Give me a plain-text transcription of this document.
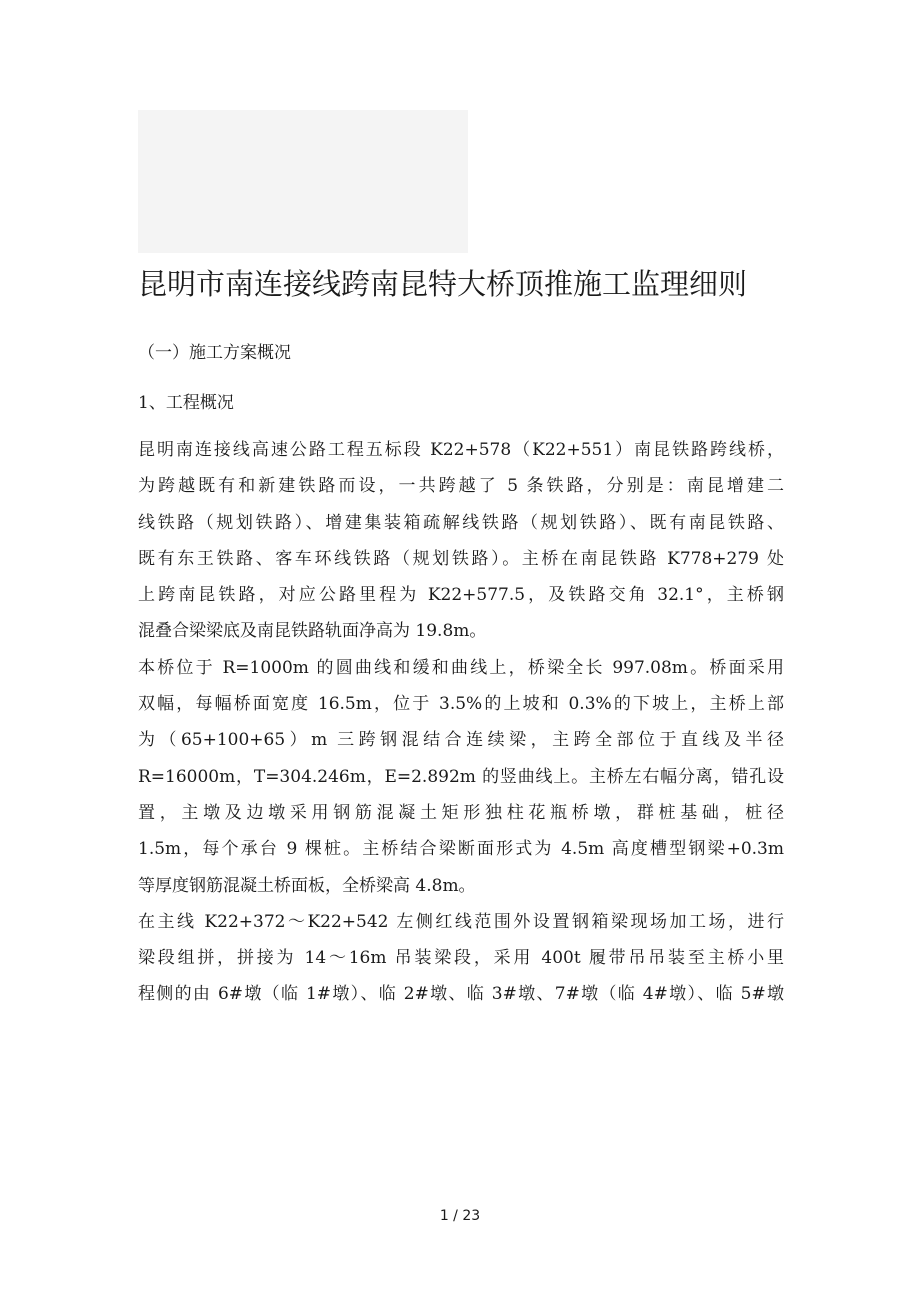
昆明市南连接线跨南昆特大桥顶推施工监理细则
（一）施工方案概况
1、工程概况

昆明南连接线高速公路工程五标段 K22+578（K22+551）南昆铁路跨线桥，
为跨越既有和新建铁路而设，一共跨越了 5 条铁路，分别是：南昆增建二
线铁路（规划铁路）、增建集装箱疏解线铁路（规划铁路）、既有南昆铁路、
既有东王铁路、客车环线铁路（规划铁路）。主桥在南昆铁路 K778+279 处
上跨南昆铁路，对应公路里程为 K22+577.5，及铁路交角 32.1°，主桥钢
混叠合梁梁底及南昆铁路轨面净高为 19.8m。

本桥位于 R=1000m 的圆曲线和缓和曲线上，桥梁全长 997.08m。桥面采用
双幅，每幅桥面宽度 16.5m，位于 3.5%的上坡和 0.3%的下坡上，主桥上部
为（65+100+65）m 三跨钢混结合连续梁，主跨全部位于直线及半径
R=16000m，T=304.246m，E=2.892m 的竖曲线上。主桥左右幅分离，错孔设
置，主墩及边墩采用钢筋混凝土矩形独柱花瓶桥墩，群桩基础，桩径
1.5m，每个承台 9 棵桩。主桥结合梁断面形式为 4.5m 高度槽型钢梁+0.3m
等厚度钢筋混凝土桥面板，全桥梁高 4.8m。

在主线 K22+372～K22+542 左侧红线范围外设置钢箱梁现场加工场，进行
梁段组拼，拼接为 14～16m 吊装梁段，采用 400t 履带吊吊装至主桥小里
程侧的由 6#墩（临 1#墩）、临 2#墩、临 3#墩、7#墩（临 4#墩）、临 5#墩

1 / 23
